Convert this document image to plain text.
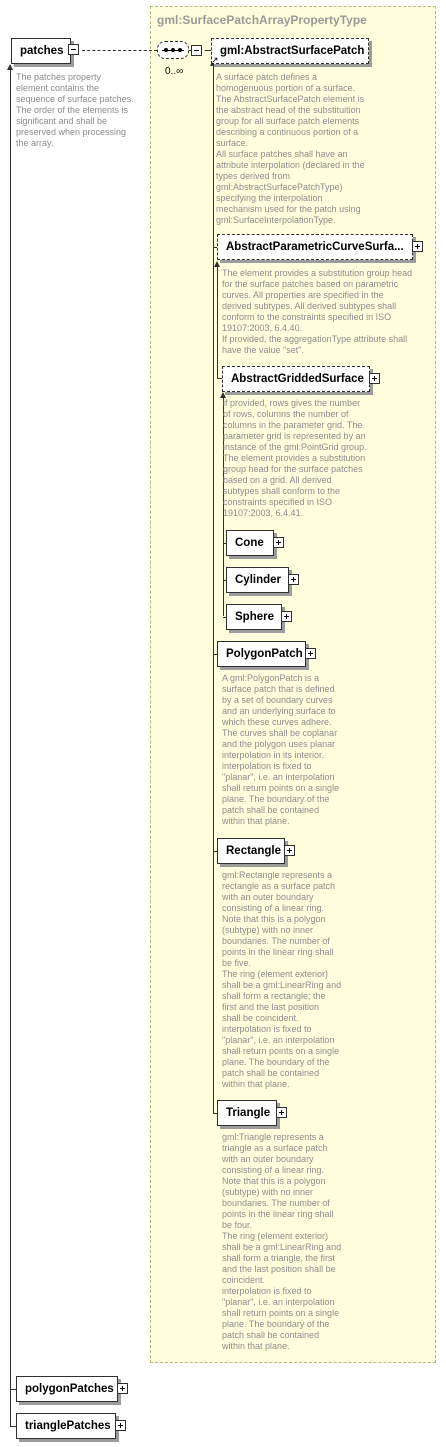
gml:SurfacePatchArrayPropertyType
patches
The patches property
element contains the
sequence of surface patches.
The order of the elements is
significant and shall be
preserved when processing
the array.
0..∞
gml:AbstractSurfacePatch
↗
A surface patch defines a
homogenuous portion of a surface.
The AbstractSurfacePatch element is
the abstract head of the substituition
group for all surface patch elements
describing a continuous portion of a
surface.
All surface patches shall have an
attribute interpolation (declared in the
types derived from
gml:AbstractSurfacePatchType)
specifying the interpolation
mechanism used for the patch using
gml:SurfaceInterpolationType.
AbstractParametricCurveSurfa...
The element provides a substitution group head
for the surface patches based on parametric
curves. All properties are specified in the
derived subtypes. All derived subtypes shall
conform to the constraints specified in ISO
19107:2003, 6.4.40.
If provided, the aggregationType attribute shall
have the value "set".
AbstractGriddedSurface
if provided, rows gives the number
of rows, columns the number of
columns in the parameter grid. The
parameter grid is represented by an
instance of the gml:PointGrid group.
The element provides a substitution
group head for the surface patches
based on a grid. All derived
subtypes shall conform to the
constraints specified in ISO
19107:2003, 6.4.41.
Cone
Cylinder
Sphere
PolygonPatch
A gml:PolygonPatch is a
surface patch that is defined
by a set of boundary curves
and an underlying surface to
which these curves adhere.
The curves shall be coplanar
and the polygon uses planar
interpolation in its interior.
interpolation is fixed to
"planar", i.e. an interpolation
shall return points on a single
plane. The boundary of the
patch shall be contained
within that plane.
Rectangle
gml:Rectangle represents a
rectangle as a surface patch
with an outer boundary
consisting of a linear ring.
Note that this is a polygon
(subtype) with no inner
boundaries. The number of
points in the linear ring shall
be five.
The ring (element exterior)
shall be a gml:LinearRing and
shall form a rectangle; the
first and the last position
shall be coincident.
interpolation is fixed to
"planar", i.e. an interpolation
shall return points on a single
plane. The boundary of the
patch shall be contained
within that plane.
Triangle
gml:Triangle represents a
triangle as a surface patch
with an outer boundary
consisting of a linear ring.
Note that this is a polygon
(subtype) with no inner
boundaries. The number of
points in the linear ring shall
be four.
The ring (element exterior)
shall be a gml:LinearRing and
shall form a triangle, the first
and the last position shall be
coincident.
interpolation is fixed to
"planar", i.e. an interpolation
shall return points on a single
plane. The boundary of the
patch shall be contained
within that plane.
polygonPatches
trianglePatches
